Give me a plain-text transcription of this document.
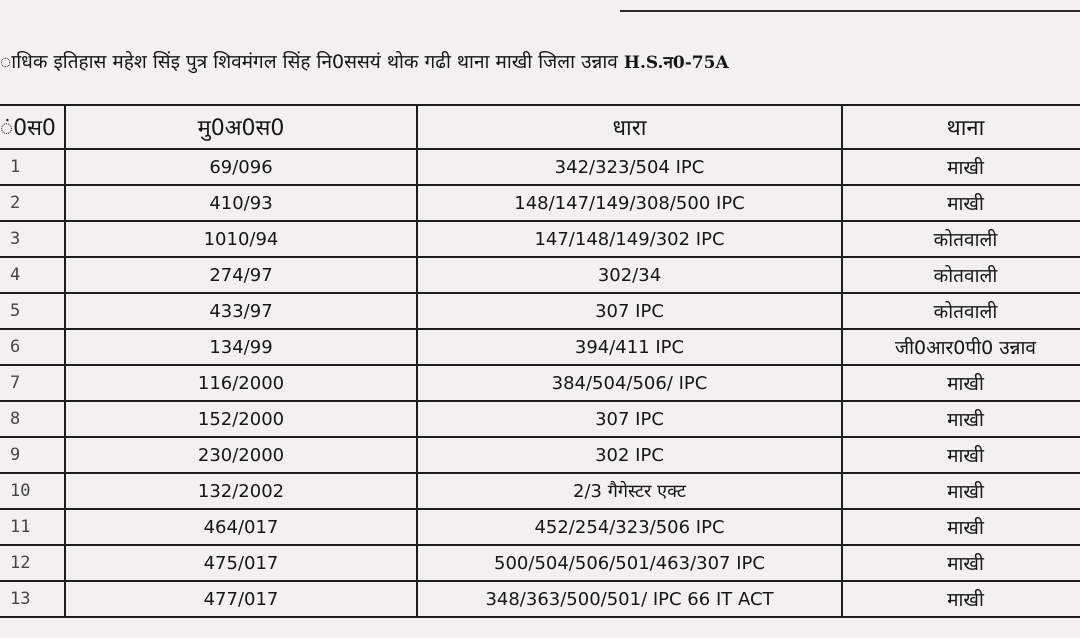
ाधिक इतिहास महेश सिंइ पुत्र शिवमंगल सिंह नि0ससयं थोक गढी थाना माखी जिला उन्नाव H.S.न0-75A
ं0स0	मु0अ0स0	धारा	थाना
1	69/096	342/323/504 IPC	माखी
2	410/93	148/147/149/308/500 IPC	माखी
3	1010/94	147/148/149/302 IPC	कोतवाली
4	274/97	302/34	कोतवाली
5	433/97	307 IPC	कोतवाली
6	134/99	394/411 IPC	जी0आर0पी0 उन्नाव
7	116/2000	384/504/506/ IPC	माखी
8	152/2000	307 IPC	माखी
9	230/2000	302 IPC	माखी
10	132/2002	2/3 गैगेस्टर एक्ट	माखी
11	464/017	452/254/323/506 IPC	माखी
12	475/017	500/504/506/501/463/307 IPC	माखी
13	477/017	348/363/500/501/ IPC 66 IT ACT	माखी
